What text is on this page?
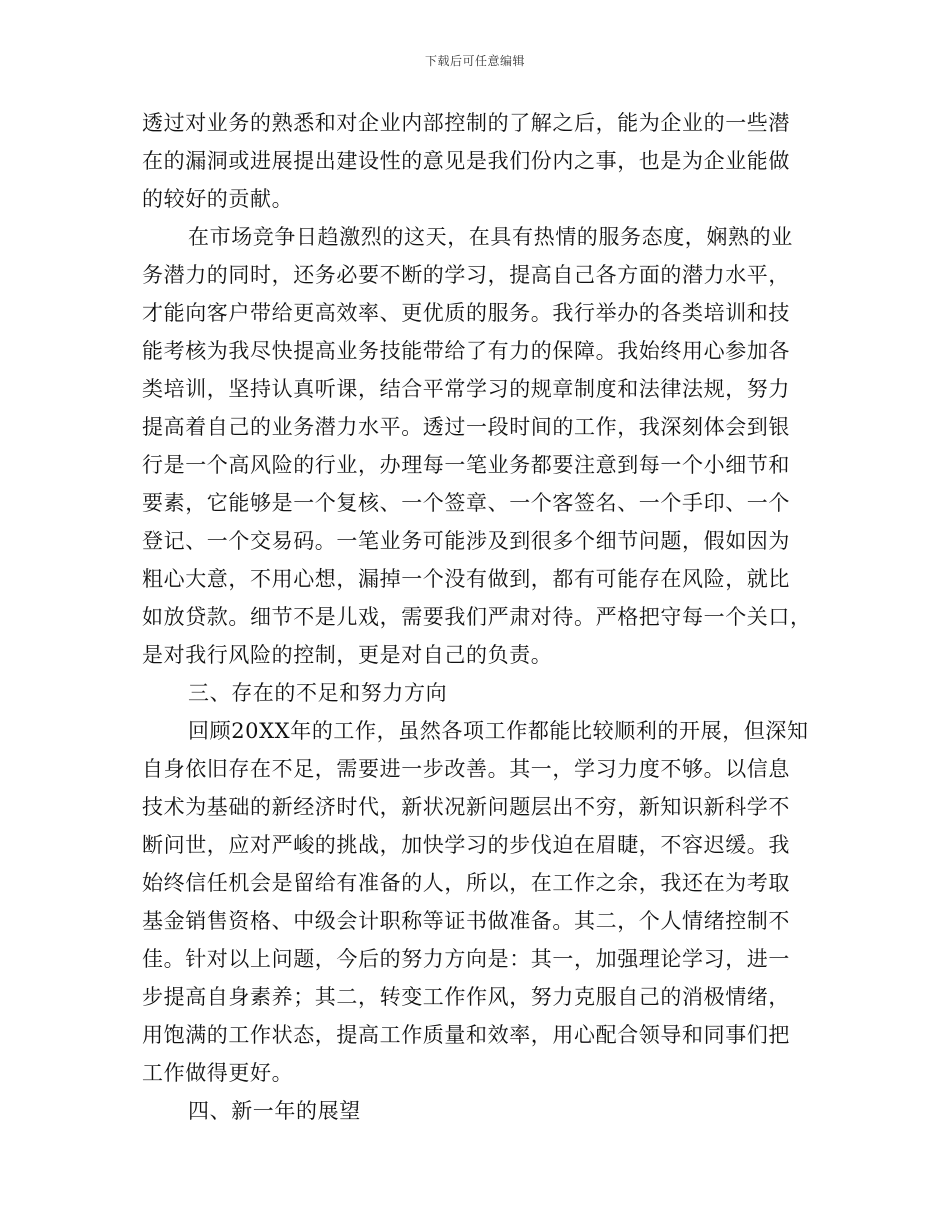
下载后可任意编辑
透过对业务的熟悉和对企业内部控制的了解之后，能为企业的一些潜
在的漏洞或进展提出建设性的意见是我们份内之事，也是为企业能做
的较好的贡献。
在市场竞争日趋激烈的这天，在具有热情的服务态度，娴熟的业
务潜力的同时，还务必要不断的学习，提高自己各方面的潜力水平，
才能向客户带给更高效率、更优质的服务。我行举办的各类培训和技
能考核为我尽快提高业务技能带给了有力的保障。我始终用心参加各
类培训，坚持认真听课，结合平常学习的规章制度和法律法规，努力
提高着自己的业务潜力水平。透过一段时间的工作，我深刻体会到银
行是一个高风险的行业，办理每一笔业务都要注意到每一个小细节和
要素，它能够是一个复核、一个签章、一个客签名、一个手印、一个
登记、一个交易码。一笔业务可能涉及到很多个细节问题，假如因为
粗心大意，不用心想，漏掉一个没有做到，都有可能存在风险，就比
如放贷款。细节不是儿戏，需要我们严肃对待。严格把守每一个关口，
是对我行风险的控制，更是对自己的负责。
三、存在的不足和努力方向
回顾20XX年的工作，虽然各项工作都能比较顺利的开展，但深知
自身依旧存在不足，需要进一步改善。其一，学习力度不够。以信息
技术为基础的新经济时代，新状况新问题层出不穷，新知识新科学不
断问世，应对严峻的挑战，加快学习的步伐迫在眉睫，不容迟缓。我
始终信任机会是留给有准备的人，所以，在工作之余，我还在为考取
基金销售资格、中级会计职称等证书做准备。其二，个人情绪控制不
佳。针对以上问题，今后的努力方向是：其一，加强理论学习，进一
步提高自身素养；其二，转变工作作风，努力克服自己的消极情绪，
用饱满的工作状态，提高工作质量和效率，用心配合领导和同事们把
工作做得更好。
四、新一年的展望
